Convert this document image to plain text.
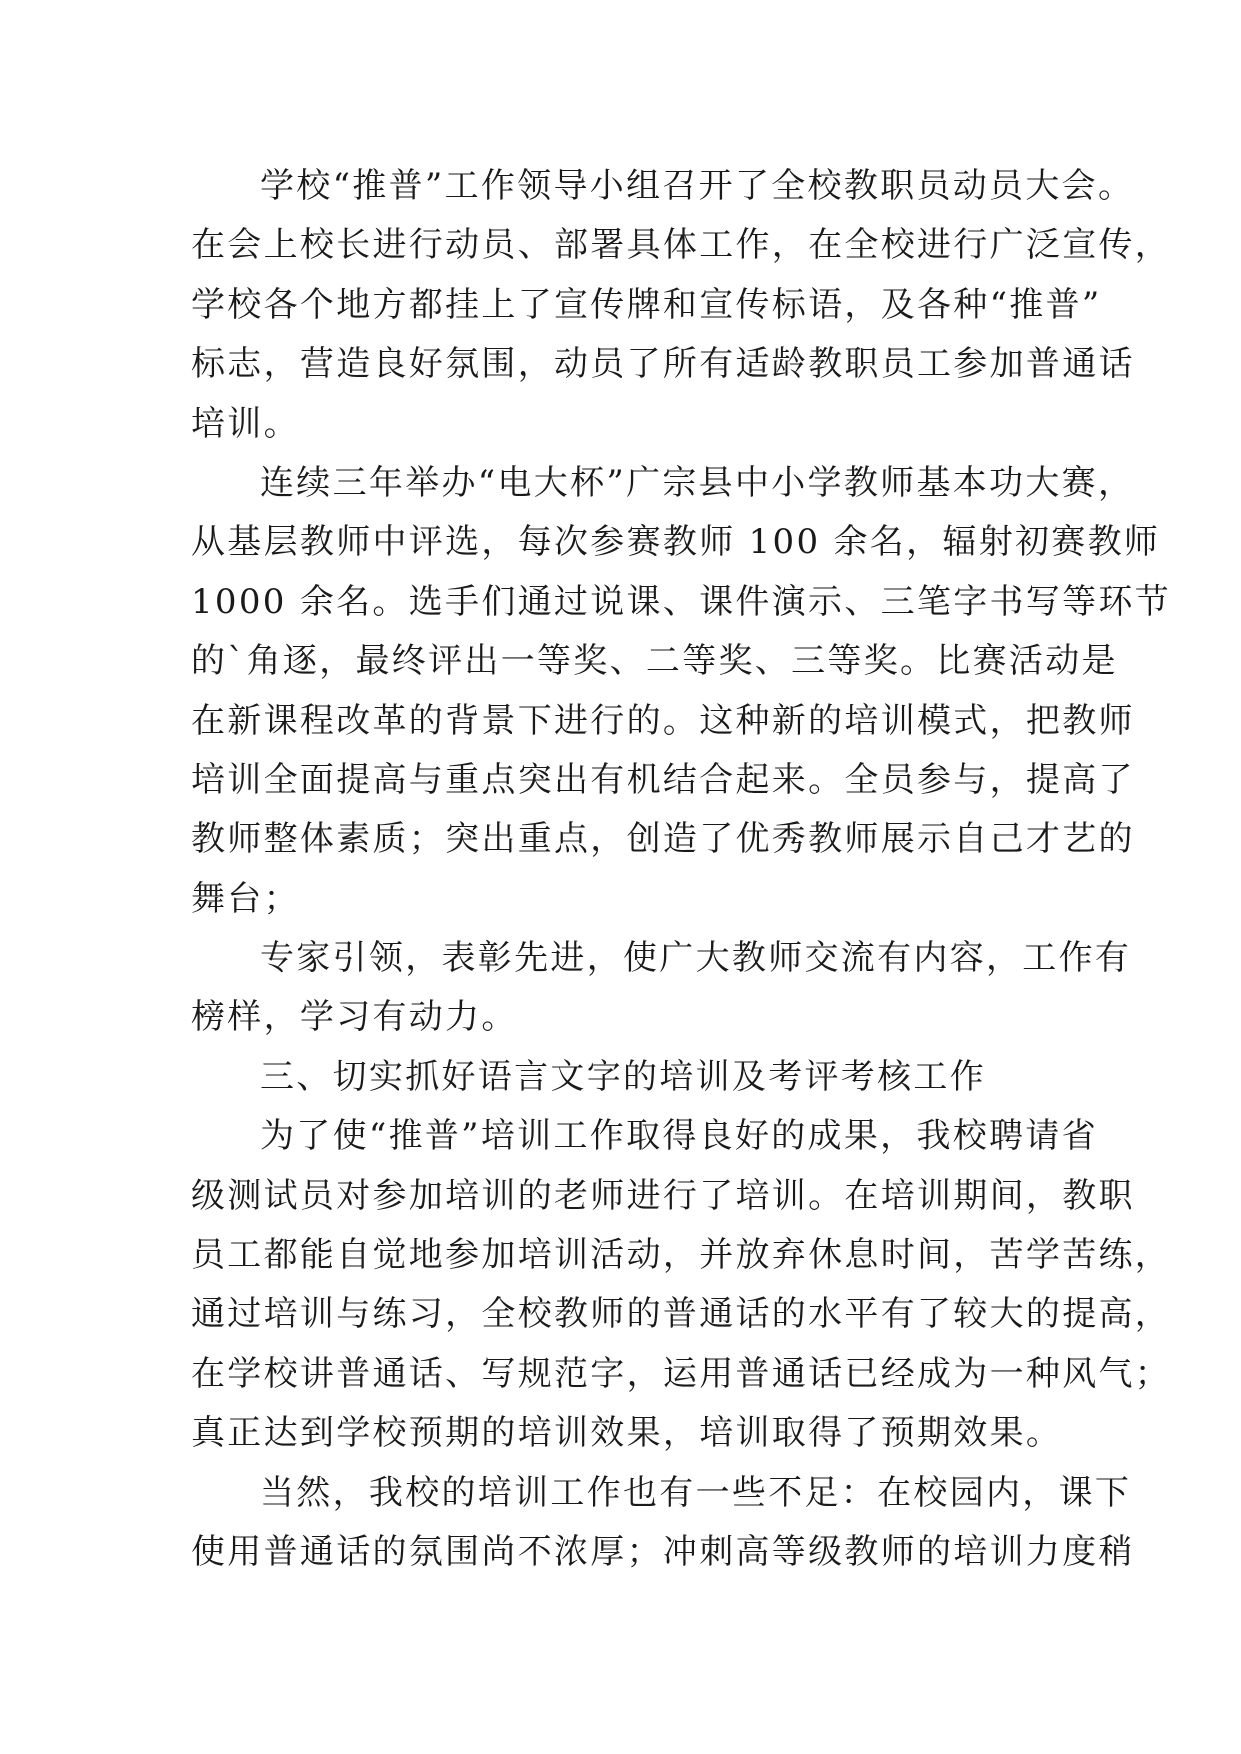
学校“推普”工作领导小组召开了全校教职员动员大会。
在会上校长进行动员、部署具体工作，在全校进行广泛宣传，
学校各个地方都挂上了宣传牌和宣传标语，及各种“推普”
标志，营造良好氛围，动员了所有适龄教职员工参加普通话
培训。
连续三年举办“电大杯”广宗县中小学教师基本功大赛，
从基层教师中评选，每次参赛教师 100 余名，辐射初赛教师
1000 余名。选手们通过说课、课件演示、三笔字书写等环节
的`角逐，最终评出一等奖、二等奖、三等奖。比赛活动是
在新课程改革的背景下进行的。这种新的培训模式，把教师
培训全面提高与重点突出有机结合起来。全员参与，提高了
教师整体素质；突出重点，创造了优秀教师展示自己才艺的
舞台；
专家引领，表彰先进，使广大教师交流有内容，工作有
榜样，学习有动力。
三、切实抓好语言文字的培训及考评考核工作
为了使“推普”培训工作取得良好的成果，我校聘请省
级测试员对参加培训的老师进行了培训。在培训期间，教职
员工都能自觉地参加培训活动，并放弃休息时间，苦学苦练，
通过培训与练习，全校教师的普通话的水平有了较大的提高，
在学校讲普通话、写规范字，运用普通话已经成为一种风气；
真正达到学校预期的培训效果，培训取得了预期效果。
当然，我校的培训工作也有一些不足：在校园内，课下
使用普通话的氛围尚不浓厚；冲刺高等级教师的培训力度稍
